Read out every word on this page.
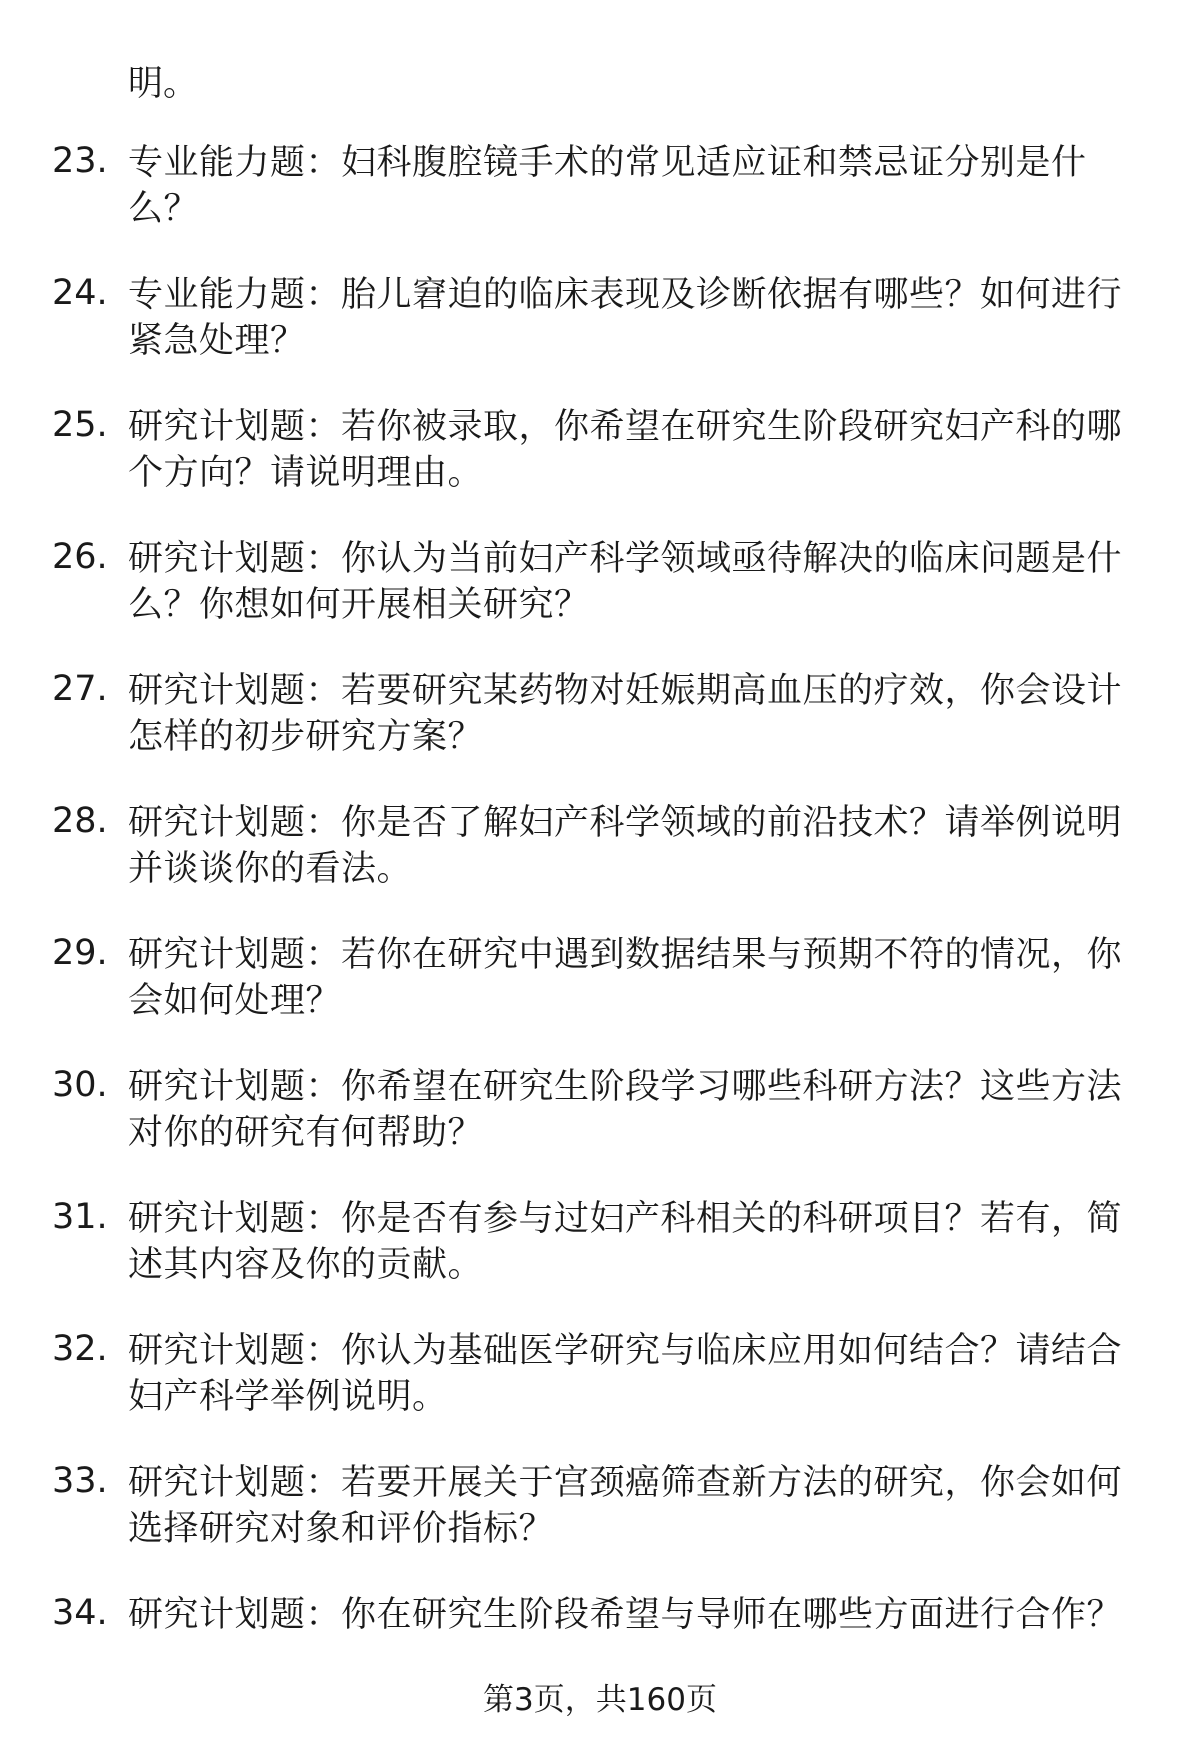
明。

23. 专业能力题：妇科腹腔镜手术的常见适应证和禁忌证分别是什么？
24. 专业能力题：胎儿窘迫的临床表现及诊断依据有哪些？如何进行紧急处理？
25. 研究计划题：若你被录取，你希望在研究生阶段研究妇产科的哪个方向？请说明理由。
26. 研究计划题：你认为当前妇产科学领域亟待解决的临床问题是什么？你想如何开展相关研究？
27. 研究计划题：若要研究某药物对妊娠期高血压的疗效，你会设计怎样的初步研究方案？
28. 研究计划题：你是否了解妇产科学领域的前沿技术？请举例说明并谈谈你的看法。
29. 研究计划题：若你在研究中遇到数据结果与预期不符的情况，你会如何处理？
30. 研究计划题：你希望在研究生阶段学习哪些科研方法？这些方法对你的研究有何帮助？
31. 研究计划题：你是否有参与过妇产科相关的科研项目？若有，简述其内容及你的贡献。
32. 研究计划题：你认为基础医学研究与临床应用如何结合？请结合妇产科学举例说明。
33. 研究计划题：若要开展关于宫颈癌筛查新方法的研究，你会如何选择研究对象和评价指标？
34. 研究计划题：你在研究生阶段希望与导师在哪些方面进行合作？
第3页，共160页
